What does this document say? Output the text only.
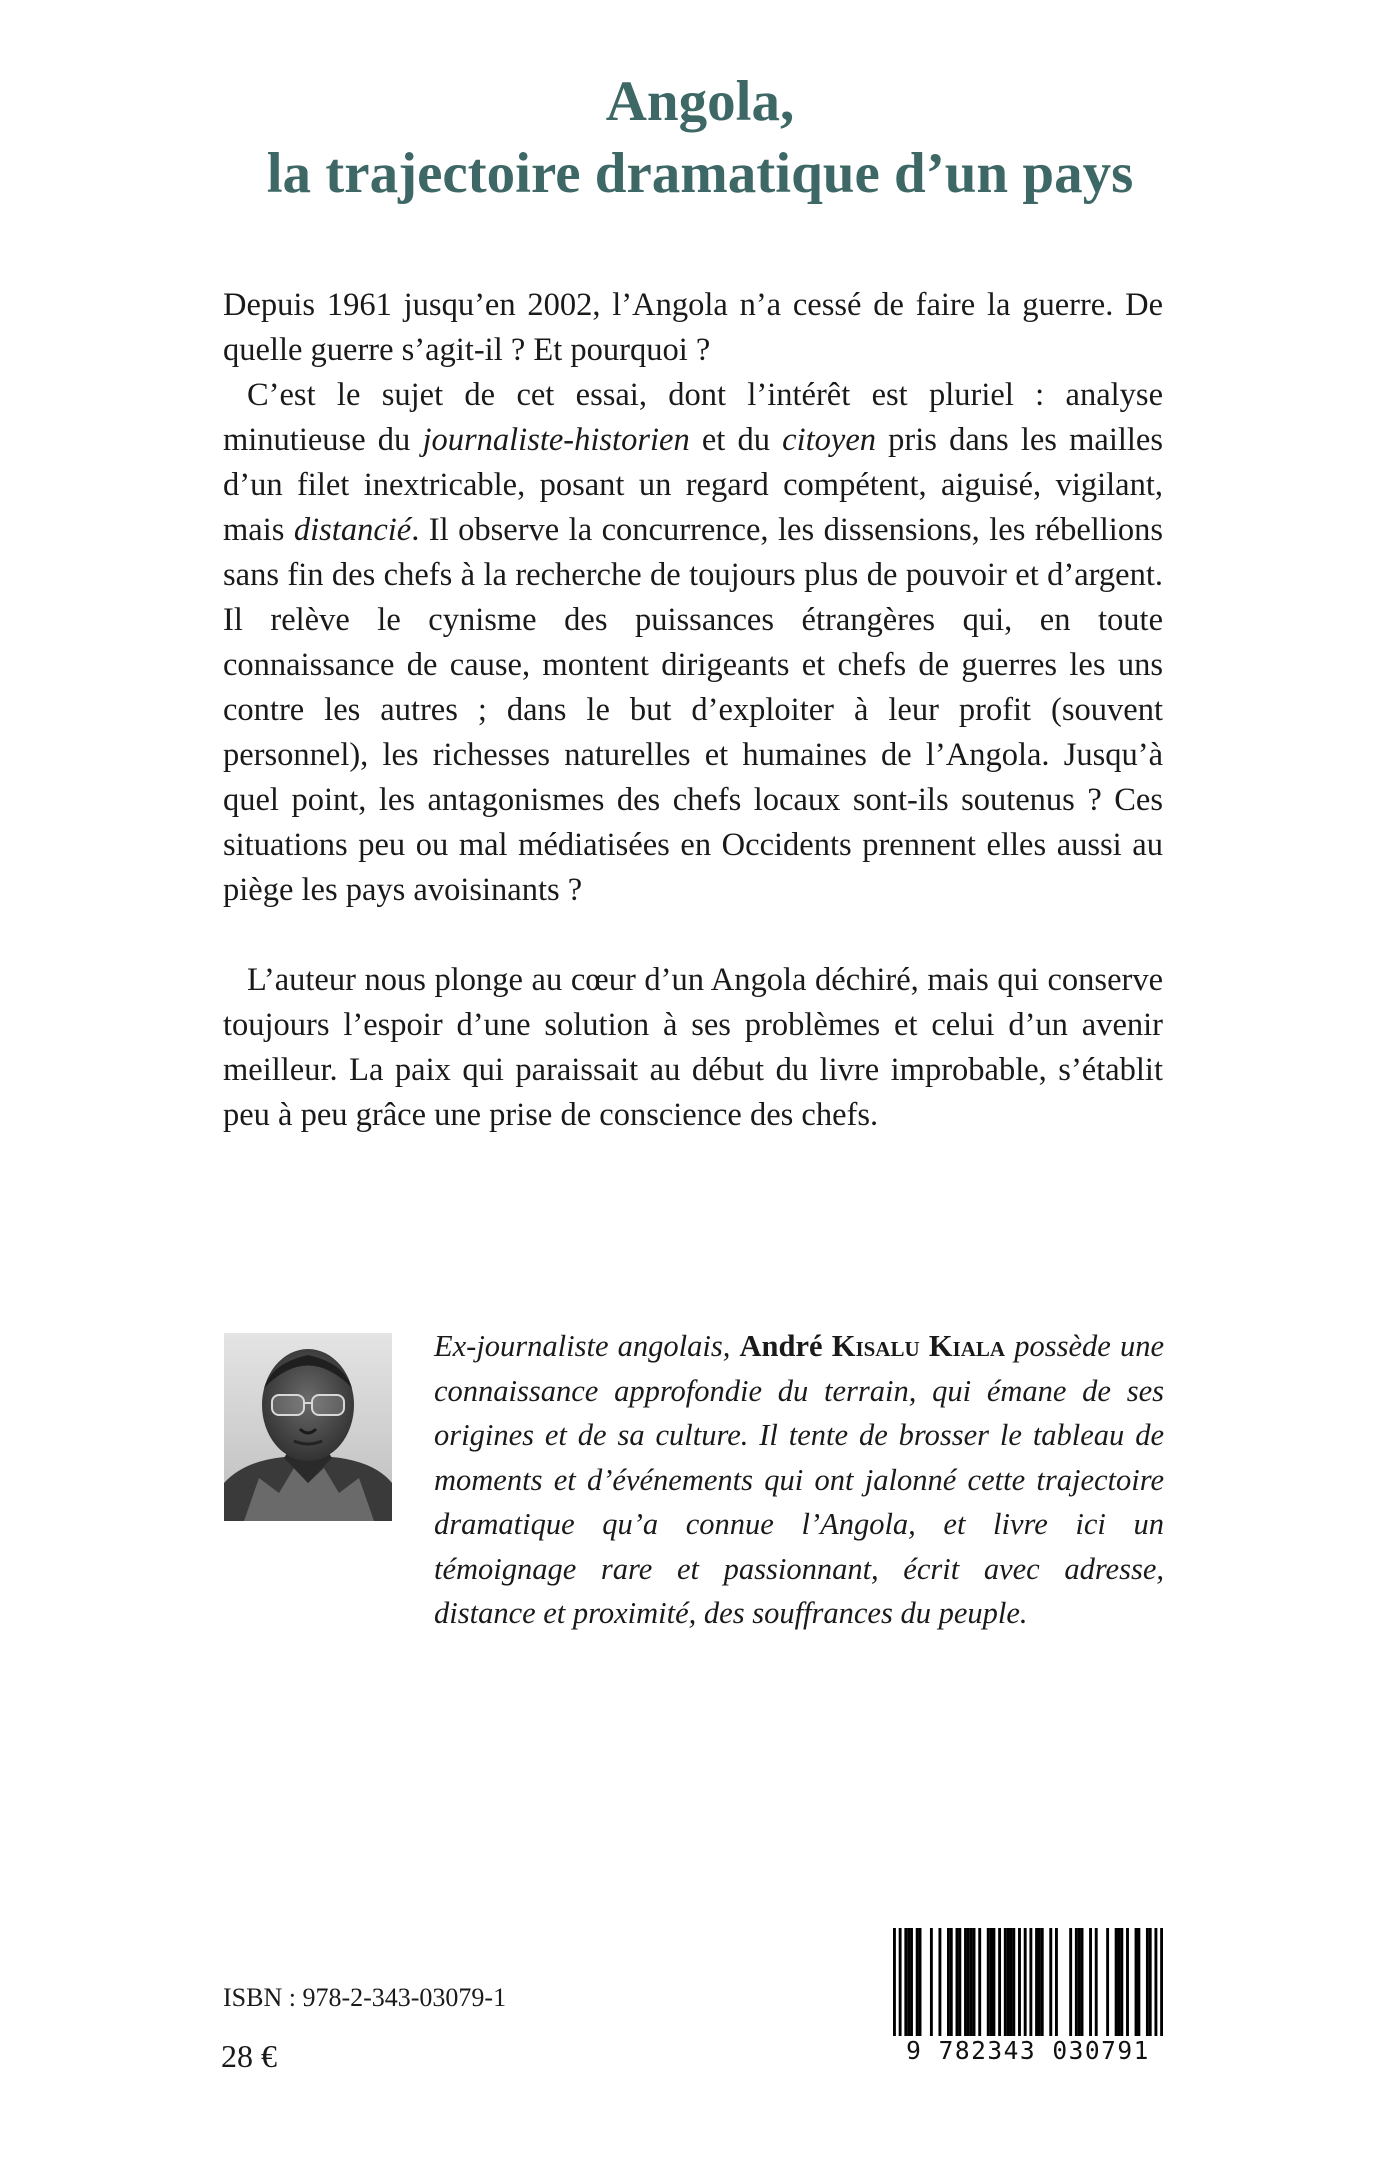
Angola,
la trajectoire dramatique d’un pays

Depuis 1961 jusqu’en 2002, l’Angola n’a cessé de faire la guerre. De quelle guerre s’agit-il ? Et pourquoi ?

C’est le sujet de cet essai, dont l’intérêt est pluriel : analyse minutieuse du journaliste-historien et du citoyen pris dans les mailles d’un filet inextricable, posant un regard compétent, aiguisé, vigilant, mais distancié. Il observe la concurrence, les dissensions, les rébellions sans fin des chefs à la recherche de toujours plus de pouvoir et d’argent. Il relève le cynisme des puissances étrangères qui, en toute connaissance de cause, montent dirigeants et chefs de guerres les uns contre les autres ; dans le but d’exploiter à leur profit (souvent personnel), les richesses naturelles et humaines de l’Angola. Jusqu’à quel point, les antagonismes des chefs locaux sont-ils soutenus ? Ces situations peu ou mal médiatisées en Occidents prennent elles aussi au piège les pays avoisinants ?

L’auteur nous plonge au cœur d’un Angola déchiré, mais qui conserve toujours l’espoir d’une solution à ses problèmes et celui d’un avenir meilleur. La paix qui paraissait au début du livre improbable, s’établit peu à peu grâce une prise de conscience des chefs.

Ex-journaliste angolais, André Kisalu Kiala possède une connaissance approfondie du terrain, qui émane de ses origines et de sa culture. Il tente de brosser le tableau de moments et d’événements qui ont jalonné cette trajectoire dramatique qu’a connue l’Angola, et livre ici un témoignage rare et passionnant, écrit avec adresse, distance et proximité, des souffrances du peuple.
ISBN : 978-2-343-03079-1
28 €	9 782343 030791
